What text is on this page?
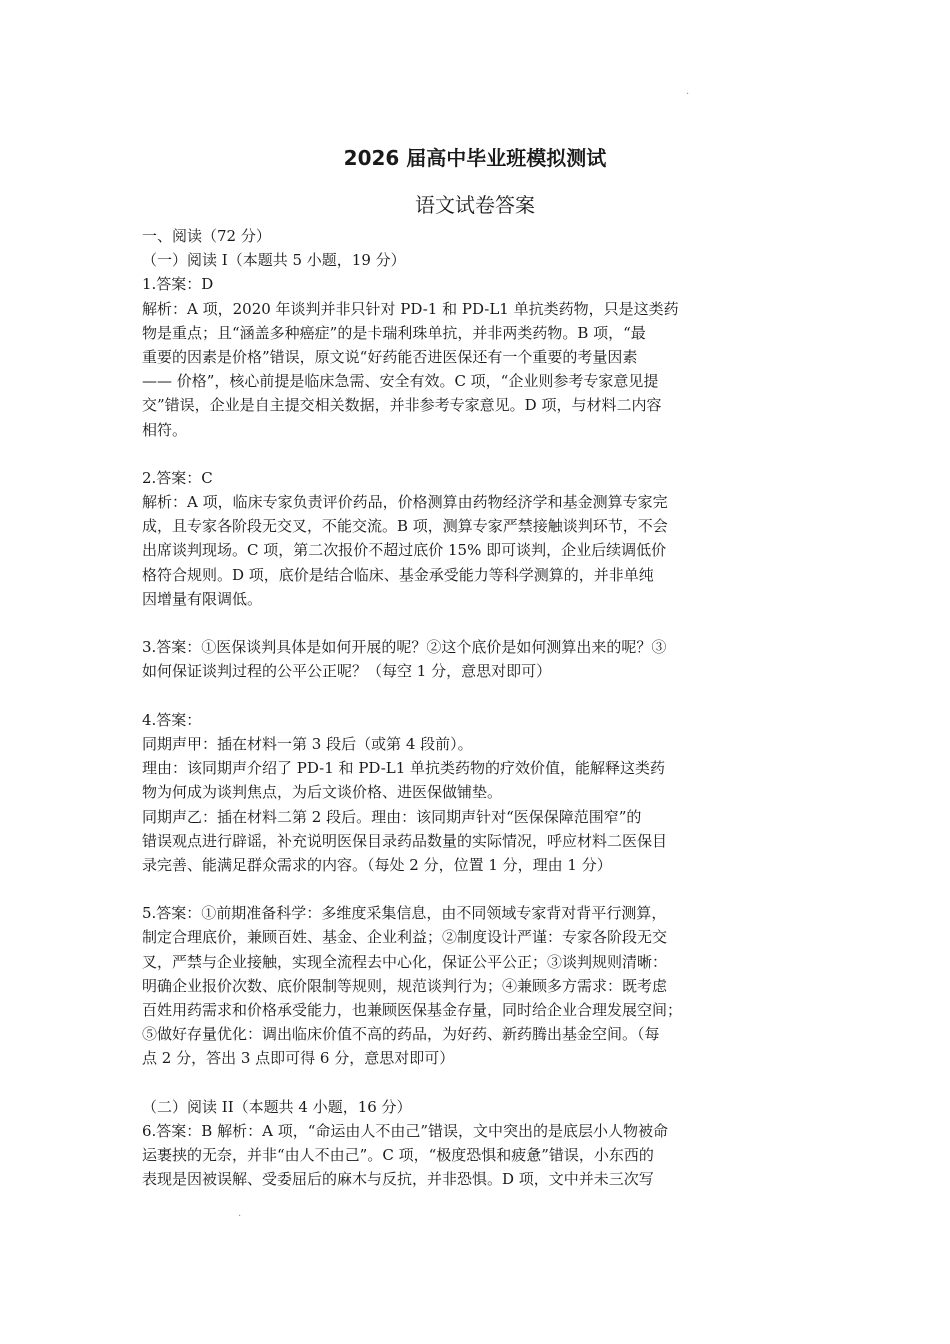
.
2026 届高中毕业班模拟测试
语文试卷答案
一、阅读（72 分）
（一）阅读 I（本题共 5 小题，19 分）
1.答案：D
解析：A 项，2020 年谈判并非只针对 PD-1 和 PD-L1 单抗类药物，只是这类药
物是重点；且“涵盖多种癌症”的是卡瑞利珠单抗，并非两类药物。B 项，“最
重要的因素是价格”错误，原文说“好药能否进医保还有一个重要的考量因素
—— 价格”，核心前提是临床急需、安全有效。C 项，“企业则参考专家意见提
交”错误，企业是自主提交相关数据，并非参考专家意见。D 项，与材料二内容
相符。
2.答案：C
解析：A 项，临床专家负责评价药品，价格测算由药物经济学和基金测算专家完
成，且专家各阶段无交叉，不能交流。B 项，测算专家严禁接触谈判环节，不会
出席谈判现场。C 项，第二次报价不超过底价 15% 即可谈判，企业后续调低价
格符合规则。D 项，底价是结合临床、基金承受能力等科学测算的，并非单纯
因增量有限调低。
3.答案：①医保谈判具体是如何开展的呢？②这个底价是如何测算出来的呢？③
如何保证谈判过程的公平公正呢？（每空 1 分，意思对即可）
4.答案：
同期声甲：插在材料一第 3 段后（或第 4 段前）。
理由：该同期声介绍了 PD-1 和 PD-L1 单抗类药物的疗效价值，能解释这类药
物为何成为谈判焦点，为后文谈价格、进医保做铺垫。
同期声乙：插在材料二第 2 段后。理由：该同期声针对“医保保障范围窄”的
错误观点进行辟谣，补充说明医保目录药品数量的实际情况，呼应材料二医保目
录完善、能满足群众需求的内容。（每处 2 分，位置 1 分，理由 1 分）
5.答案：①前期准备科学：多维度采集信息，由不同领域专家背对背平行测算，
制定合理底价，兼顾百姓、基金、企业利益；②制度设计严谨：专家各阶段无交
叉，严禁与企业接触，实现全流程去中心化，保证公平公正；③谈判规则清晰：
明确企业报价次数、底价限制等规则，规范谈判行为；④兼顾多方需求：既考虑
百姓用药需求和价格承受能力，也兼顾医保基金存量，同时给企业合理发展空间；
⑤做好存量优化：调出临床价值不高的药品，为好药、新药腾出基金空间。（每
点 2 分，答出 3 点即可得 6 分，意思对即可）
（二）阅读 II（本题共 4 小题，16 分）
6.答案：B 解析：A 项，“命运由人不由己”错误，文中突出的是底层小人物被命
运裹挟的无奈，并非“由人不由己”。C 项，“极度恐惧和疲惫”错误，小东西的
表现是因被误解、受委屈后的麻木与反抗，并非恐惧。D 项，文中并未三次写
.
